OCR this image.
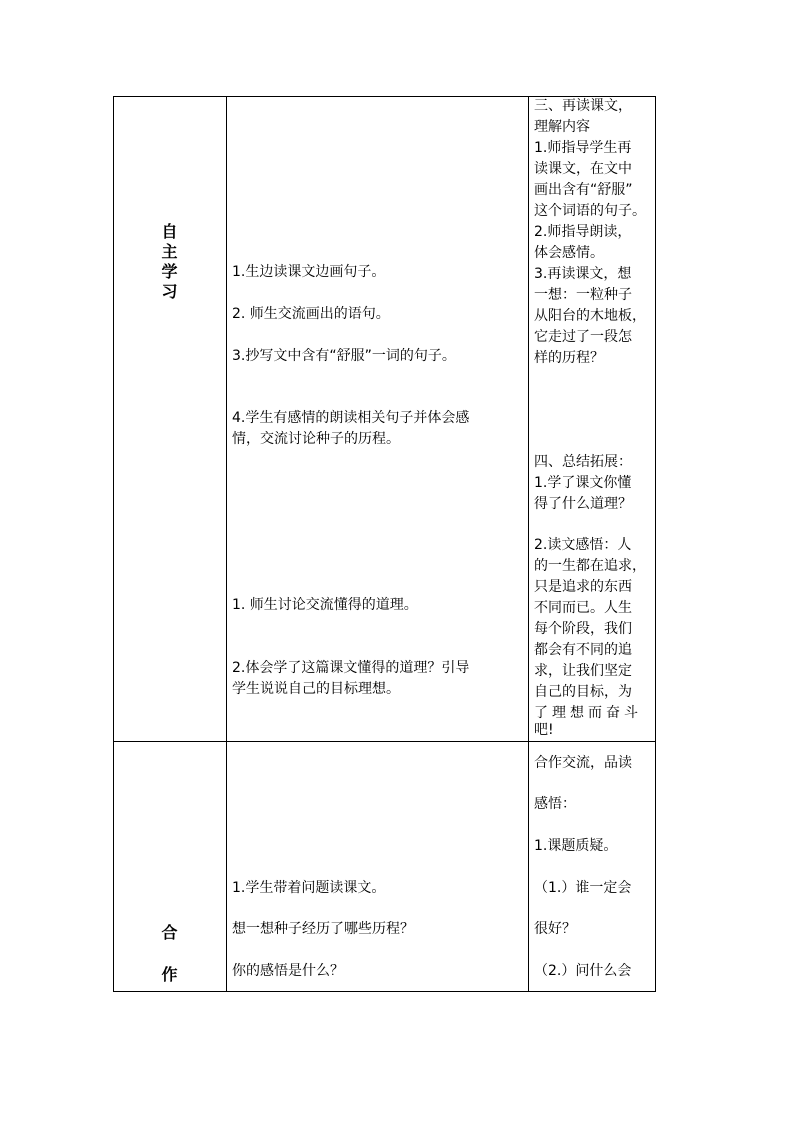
自
主
学
习

1.生边读课文边画句子。

2. 师生交流画出的语句。

3.抄写文中含有“舒服”一词的句子。

4.学生有感情的朗读相关句子并体会感

情，交流讨论种子的历程。

1. 师生讨论交流懂得的道理。

2.体会学了这篇课文懂得的道理？引导

学生说说自己的目标理想。

三、再读课文，

理解内容

1.师指导学生再

读课文，在文中

画出含有“舒服”

这个词语的句子。

2.师指导朗读，

体会感情。

3.再读课文，想

一想：一粒种子

从阳台的木地板，

它走过了一段怎

样的历程？

四、总结拓展：

1.学了课文你懂

得了什么道理？

2.读文感悟：人

的一生都在追求，

只是追求的东西

不同而已。人生

每个阶段，我们

都会有不同的追

求，让我们坚定

自己的目标，为

了理想而奋斗

吧!

合
作

1.学生带着问题读课文。

想一想种子经历了哪些历程？

你的感悟是什么？

合作交流，品读

感悟：

1.课题质疑。

（1.）谁一定会

很好？

（2.）问什么会
